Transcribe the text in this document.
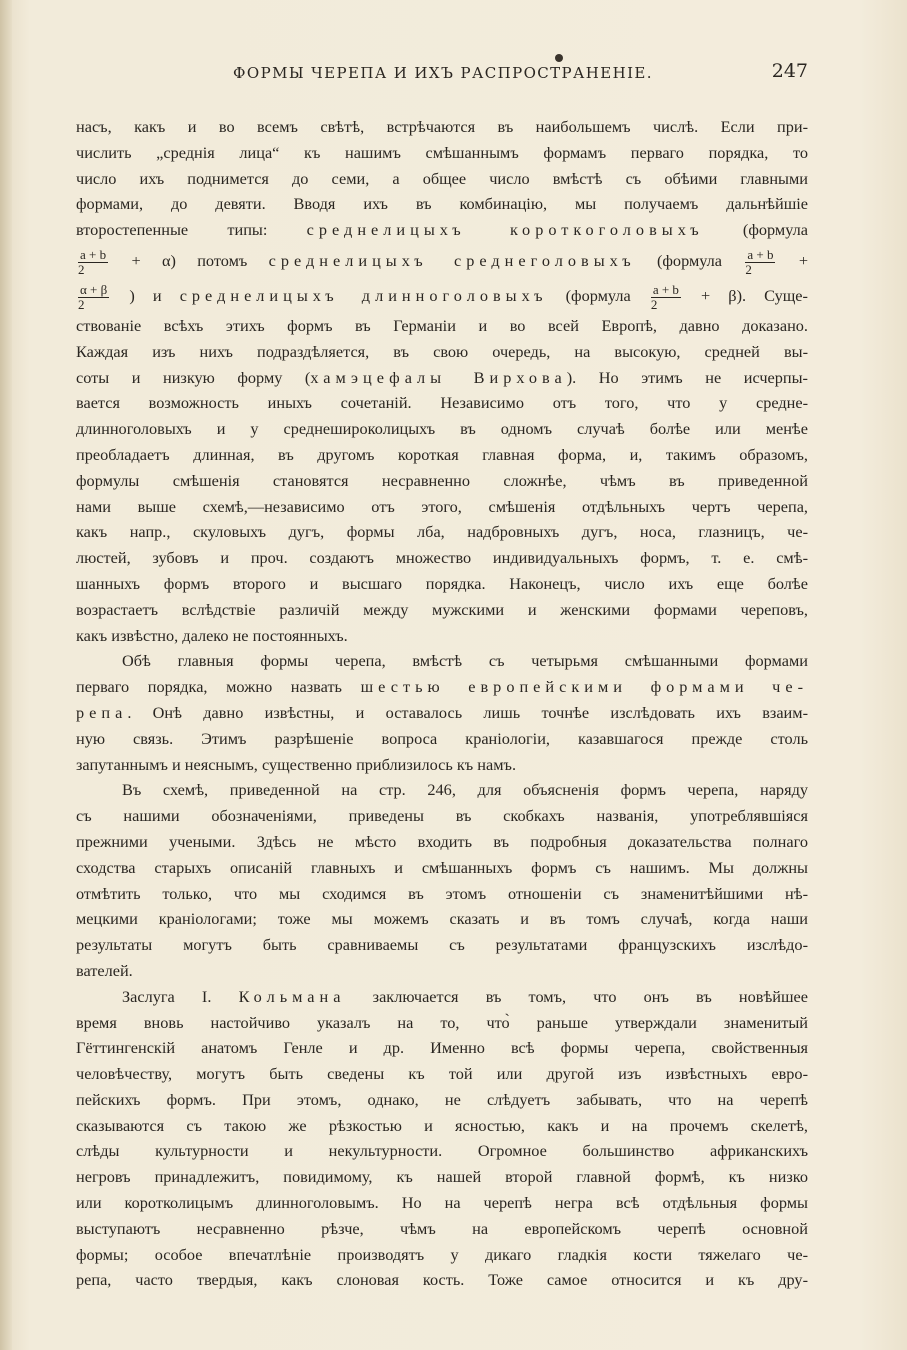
ФОРМЫ ЧЕРЕПА И ИХЪ РАСПРОСТРАНЕНІЕ.	247
насъ, какъ и во всемъ свѣтѣ, встрѣчаются въ наибольшемъ числѣ. Если при-
числить „среднія лица“ къ нашимъ смѣшаннымъ формамъ перваго порядка, то
число ихъ поднимется до семи, а общее число вмѣстѣ съ обѣими главными
формами, до девяти. Вводя ихъ въ комбинацію, мы получаемъ дальнѣйшіе
второстепенные типы: среднелицыхъ короткоголовыхъ (формула
$\frac{a + b}{2} + \alpha$) потомъ среднелицыхъ среднеголовыхъ (формула $\frac{a + b}{2}$ +
$\frac{\alpha + \beta}{2}$ ) и среднелицыхъ длинноголовыхъ (формула $\frac{a + b}{2} + \beta$). Суще-
ствованіе всѣхъ этихъ формъ въ Германіи и во всей Европѣ, давно доказано.
Каждая изъ нихъ подраздѣляется, въ свою очередь, на высокую, средней вы-
соты и низкую форму (хамэцефалы Вирхова). Но этимъ не исчерпы-
вается возможность иныхъ сочетаній. Независимо отъ того, что у средне-
длинноголовыхъ и у среднешироколицыхъ въ одномъ случаѣ болѣе или менѣе
преобладаетъ длинная, въ другомъ короткая главная форма, и, такимъ образомъ,
формулы смѣшенія становятся несравненно сложнѣе, чѣмъ въ приведенной
нами выше схемѣ,—независимо отъ этого, смѣшенія отдѣльныхъ чертъ черепа,
какъ напр., скуловыхъ дугъ, формы лба, надбровныхъ дугъ, носа, глазницъ, че-
люстей, зубовъ и проч. создаютъ множество индивидуальныхъ формъ, т. е. смѣ-
шанныхъ формъ второго и высшаго порядка. Наконецъ, число ихъ еще болѣе
возрастаетъ вслѣдствіе различій между мужскими и женскими формами череповъ,
какъ извѣстно, далеко не постоянныхъ.
Обѣ главныя формы черепа, вмѣстѣ съ четырьмя смѣшанными формами
перваго порядка, можно назвать шестью европейскими формами че-
репа. Онѣ давно извѣстны, и оставалось лишь точнѣе изслѣдовать ихъ взаим-
ную связь. Этимъ разрѣшеніе вопроса краніологіи, казавшагося прежде столь
запутаннымъ и неяснымъ, существенно приблизилось къ намъ.
Въ схемѣ, приведенной на стр. 246, для объясненія формъ черепа, наряду
съ нашими обозначеніями, приведены въ скобкахъ названія, употреблявшіяся
прежними учеными. Здѣсь не мѣсто входить въ подробныя доказательства полнаго
сходства старыхъ описаній главныхъ и смѣшанныхъ формъ съ нашимъ. Мы должны
отмѣтить только, что мы сходимся въ этомъ отношеніи съ знаменитѣйшими нѣ-
мецкими краніологами; тоже мы можемъ сказать и въ томъ случаѣ, когда наши
результаты могутъ быть сравниваемы съ результатами французскихъ изслѣдо-
вателей.
Заслуга І. Кольмана заключается въ томъ, что онъ въ новѣйшее
время вновь настойчиво указалъ на то, что̀ раньше утверждали знаменитый
Гёттингенскій анатомъ Генле и др. Именно всѣ формы черепа, свойственныя
человѣчеству, могутъ быть сведены къ той или другой изъ извѣстныхъ евро-
пейскихъ формъ. При этомъ, однако, не слѣдуетъ забывать, что на черепѣ
сказываются съ такою же рѣзкостью и ясностью, какъ и на прочемъ скелетѣ,
слѣды культурности и некультурности. Огромное большинство африканскихъ
негровъ принадлежитъ, повидимому, къ нашей второй главной формѣ, къ низко
или коротколицымъ длинноголовымъ. Но на черепѣ негра всѣ отдѣльныя формы
выступаютъ несравненно рѣзче, чѣмъ на европейскомъ черепѣ основной
формы; особое впечатлѣніе производятъ у дикаго гладкія кости тяжелаго че-
репа, часто твердыя, какъ слоновая кость. Тоже самое относится и къ дру-
